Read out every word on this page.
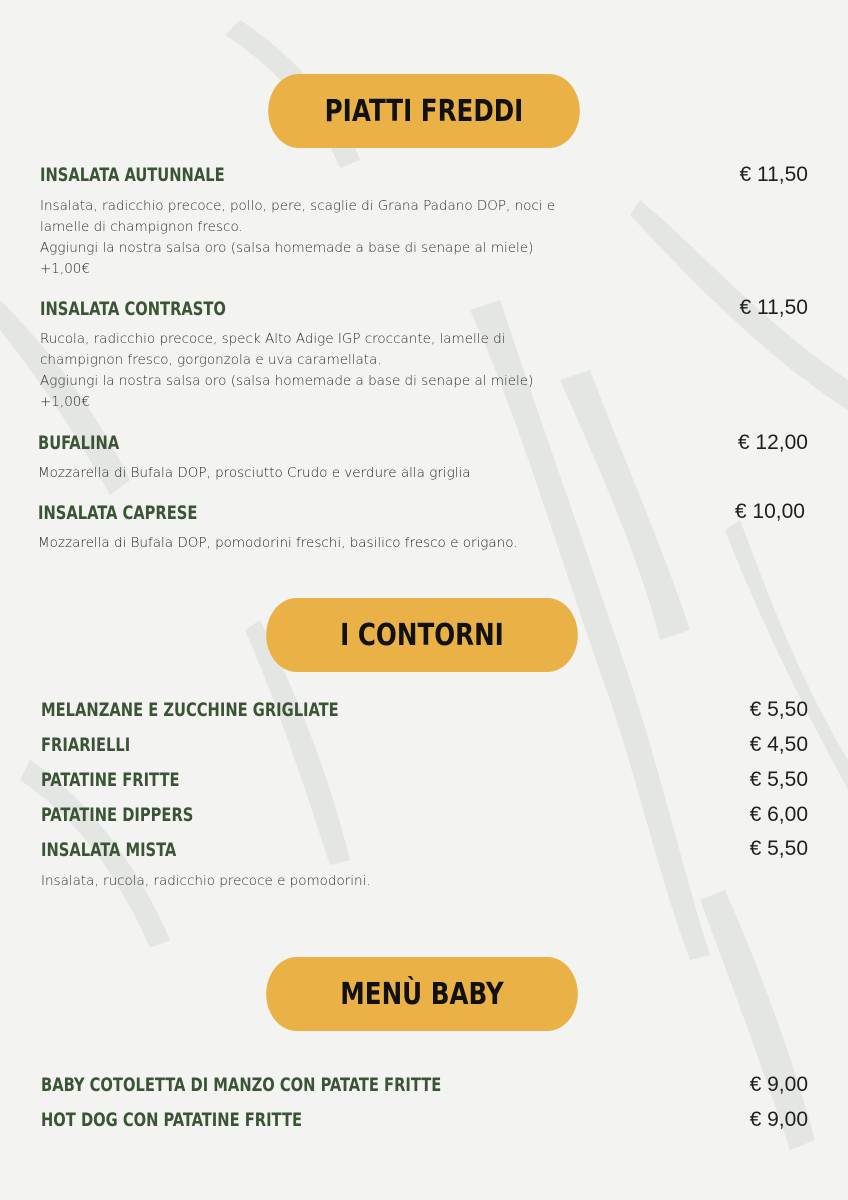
PIATTI FREDDI
INSALATA AUTUNNALE	€ 11,50
Insalata, radicchio precoce, pollo, pere, scaglie di Grana Padano DOP, noci e
lamelle di champignon fresco.
Aggiungi la nostra salsa oro (salsa homemade a base di senape al miele)
+1,00€
INSALATA CONTRASTO	€ 11,50
Rucola, radicchio precoce, speck Alto Adige IGP croccante, lamelle di
champignon fresco, gorgonzola e uva caramellata.
Aggiungi la nostra salsa oro (salsa homemade a base di senape al miele)
+1,00€
BUFALINA	€ 12,00
Mozzarella di Bufala DOP, prosciutto Crudo e verdure alla griglia
INSALATA CAPRESE	€ 10,00
Mozzarella di Bufala DOP, pomodorini freschi, basilico fresco e origano.
I CONTORNI
MELANZANE E ZUCCHINE GRIGLIATE	€ 5,50
FRIARIELLI	€ 4,50
PATATINE FRITTE	€ 5,50
PATATINE DIPPERS	€ 6,00
INSALATA MISTA	€ 5,50
Insalata, rucola, radicchio precoce e pomodorini.
MENÙ BABY
BABY COTOLETTA DI MANZO CON PATATE FRITTE	€ 9,00
HOT DOG CON PATATINE FRITTE	€ 9,00
